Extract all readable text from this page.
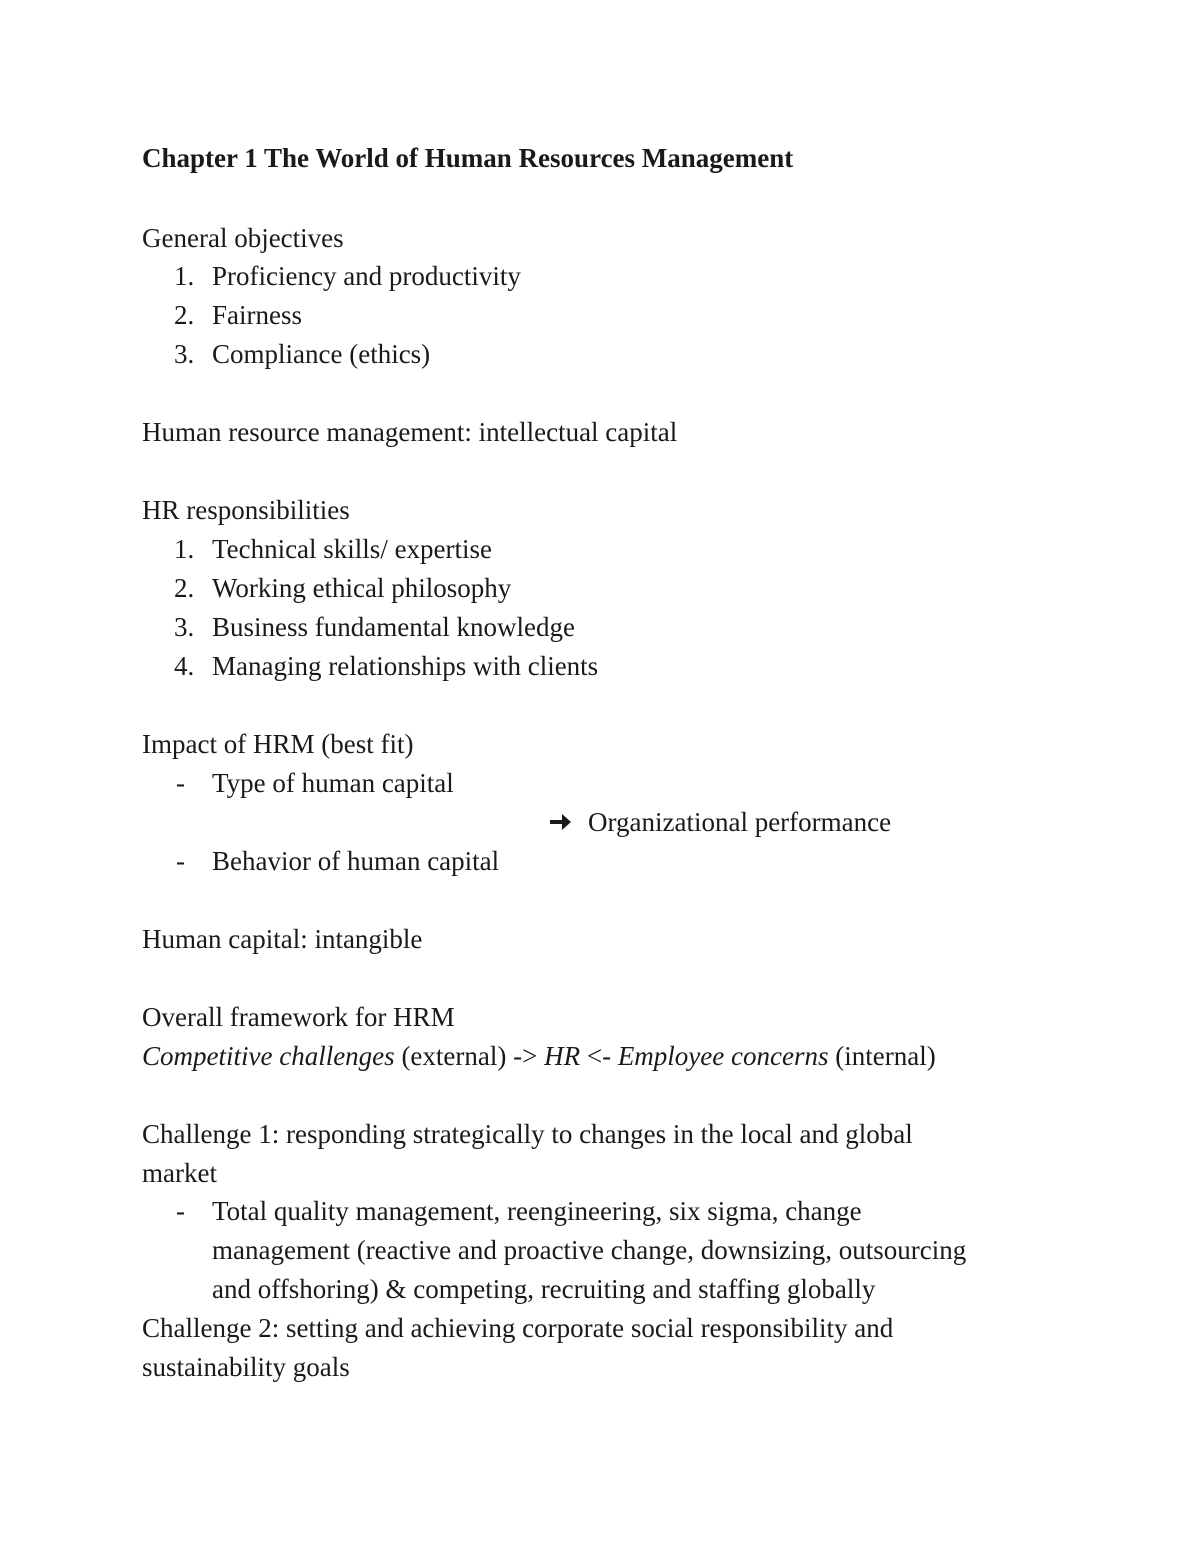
Chapter 1 The World of Human Resources Management
General objectives
1. Proficiency and productivity
2. Fairness
3. Compliance (ethics)
Human resource management: intellectual capital
HR responsibilities
1. Technical skills/ expertise
2. Working ethical philosophy
3. Business fundamental knowledge
4. Managing relationships with clients
Impact of HRM (best fit)
- Type of human capital
Organizational performance
- Behavior of human capital
Human capital: intangible
Overall framework for HRM
Competitive challenges (external) -> HR <- Employee concerns (internal)
Challenge 1: responding strategically to changes in the local and global
market
- Total quality management, reengineering, six sigma, change
management (reactive and proactive change, downsizing, outsourcing
and offshoring) & competing, recruiting and staffing globally
Challenge 2: setting and achieving corporate social responsibility and
sustainability goals
